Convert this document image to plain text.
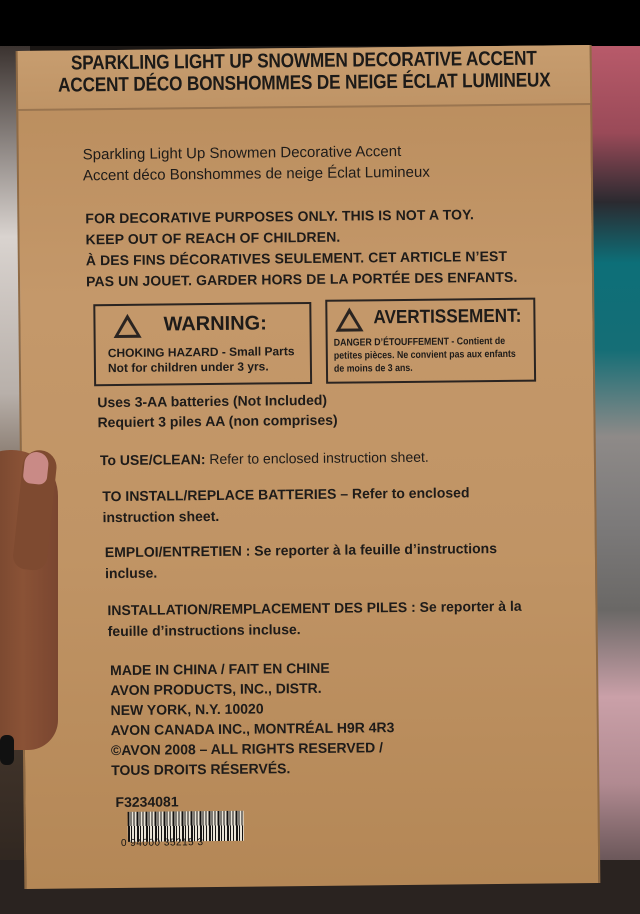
SPARKLING LIGHT UP SNOWMEN DECORATIVE ACCENT
ACCENT DÉCO BONSHOMMES DE NEIGE ÉCLAT LUMINEUX
Sparkling Light Up Snowmen Decorative Accent
Accent déco Bonshommes de neige Éclat Lumineux
FOR DECORATIVE PURPOSES ONLY. THIS IS NOT A TOY.
KEEP OUT OF REACH OF CHILDREN.
À DES FINS DÉCORATIVES SEULEMENT. CET ARTICLE N’EST
PAS UN JOUET. GARDER HORS DE LA PORTÉE DES ENFANTS.
! WARNING:
CHOKING HAZARD - Small Parts
Not for children under 3 yrs.
! AVERTISSEMENT:
DANGER D’ÉTOUFFEMENT - Contient de
petites pièces. Ne convient pas aux enfants
de moins de 3 ans.
Uses 3-AA batteries (Not Included)
Requiert 3 piles AA (non comprises)
To USE/CLEAN: Refer to enclosed instruction sheet.
TO INSTALL/REPLACE BATTERIES – Refer to enclosed
instruction sheet.
EMPLOI/ENTRETIEN : Se reporter à la feuille d’instructions
incluse.
INSTALLATION/REMPLACEMENT DES PILES : Se reporter à la
feuille d’instructions incluse.
MADE IN CHINA / FAIT EN CHINE
AVON PRODUCTS, INC., DISTR.
NEW YORK, N.Y. 10020
AVON CANADA INC., MONTRÉAL H9R 4R3
©AVON 2008 – ALL RIGHTS RESERVED /
TOUS DROITS RÉSERVÉS.
F3234081
0 94000 35215 3
